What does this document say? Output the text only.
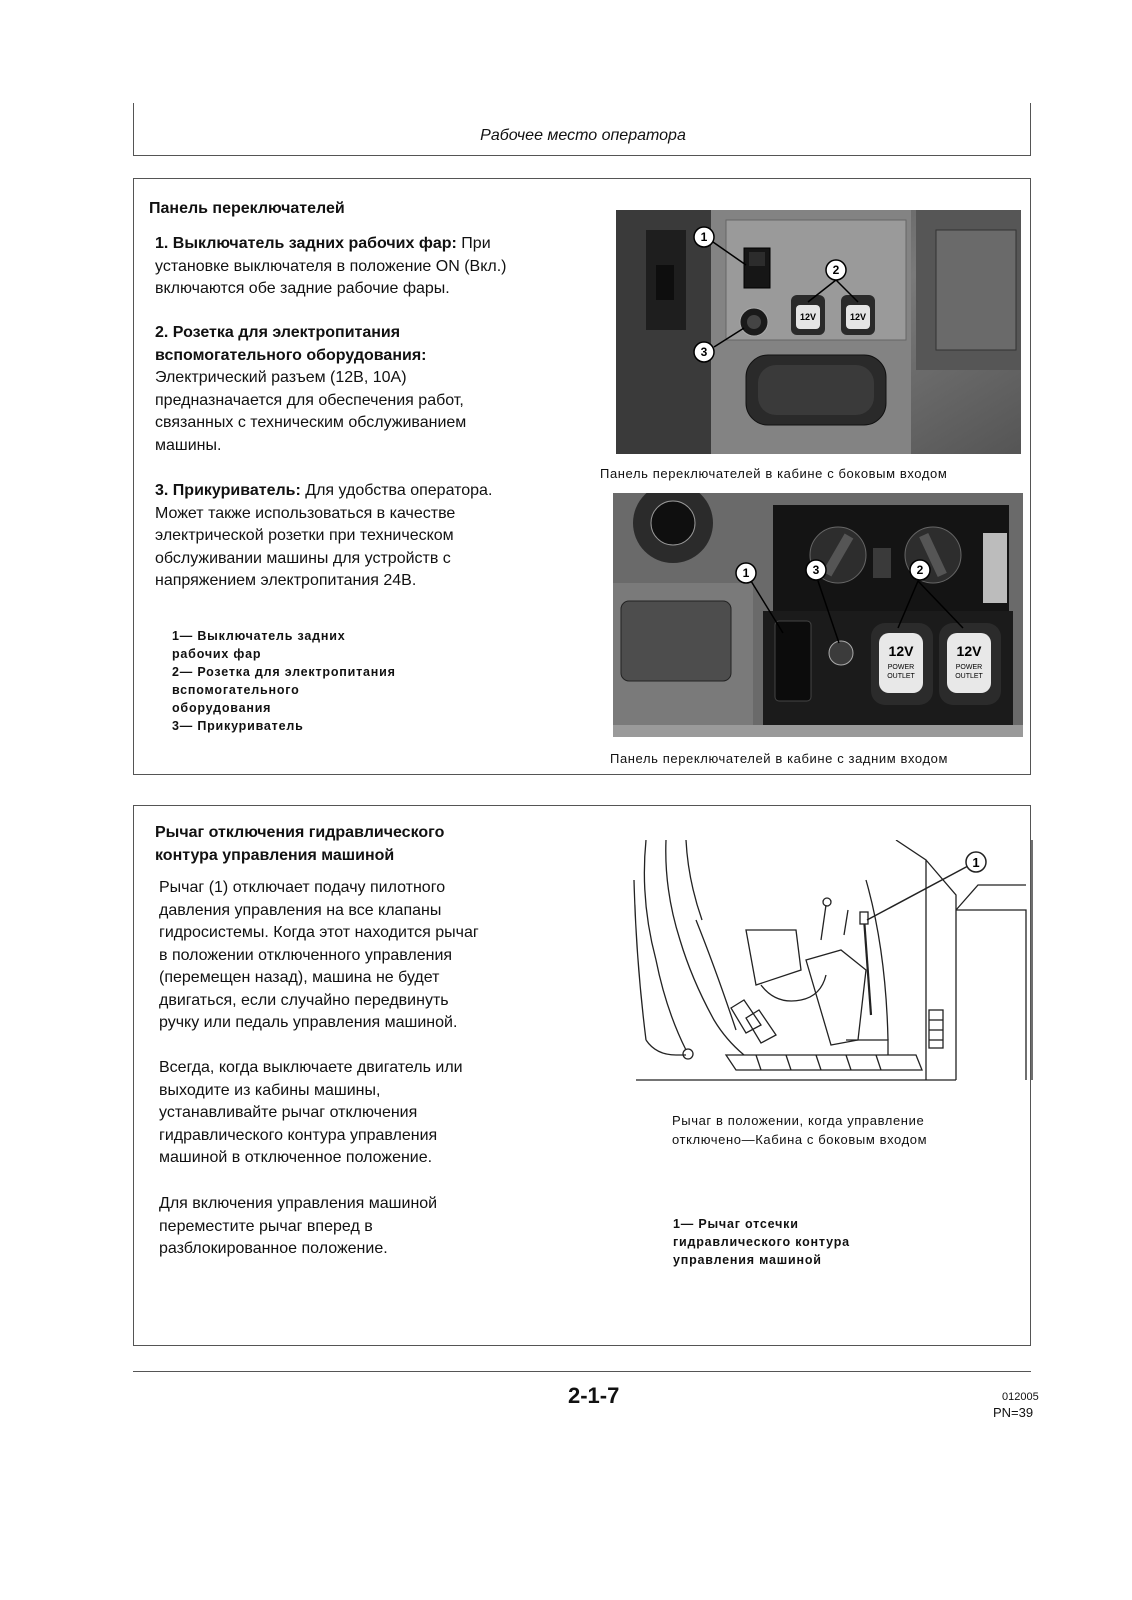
Рабочее место оператора
Панель переключателей
1. Выключатель задних рабочих фар: При
установке выключателя в положение ON (Вкл.)
включаются обе задние рабочие фары.
2. Розетка для электропитания
вспомогательного оборудования:
Электрический разъем (12В, 10А)
предназначается для обеспечения работ,
связанных с техническим обслуживанием
машины.
3. Прикуриватель: Для удобства оператора.
Может также использоваться в качестве
электрической розетки при техническом
обслуживании машины для устройств с
напряжением электропитания 24В.
1— Выключатель задних
рабочих фар
2— Розетка для электропитания
вспомогательного
оборудования
3— Прикуриватель
12V	12V
1
2
3
Панель переключателей в кабине с боковым входом
12V
POWER
OUTLET
12V
POWER
OUTLET
1	3	2
Панель переключателей в кабине с задним входом
Рычаг отключения гидравлического
контура управления машиной
Рычаг (1) отключает подачу пилотного
давления управления на все клапаны
гидросистемы. Когда этот находится рычаг
в положении отключенного управления
(перемещен назад), машина не будет
двигаться, если случайно передвинуть
ручку или педаль управления машиной.
Всегда, когда выключаете двигатель или
выходите из кабины машины,
устанавливайте рычаг отключения
гидравлического контура управления
машиной в отключенное положение.
Для включения управления машиной
переместите рычаг вперед в
разблокированное положение.
1
Рычаг в положении, когда управление
отключено—Кабина с боковым входом
1— Рычаг отсечки
гидравлического контура
управления машиной
2-1-7	012005
PN=39
